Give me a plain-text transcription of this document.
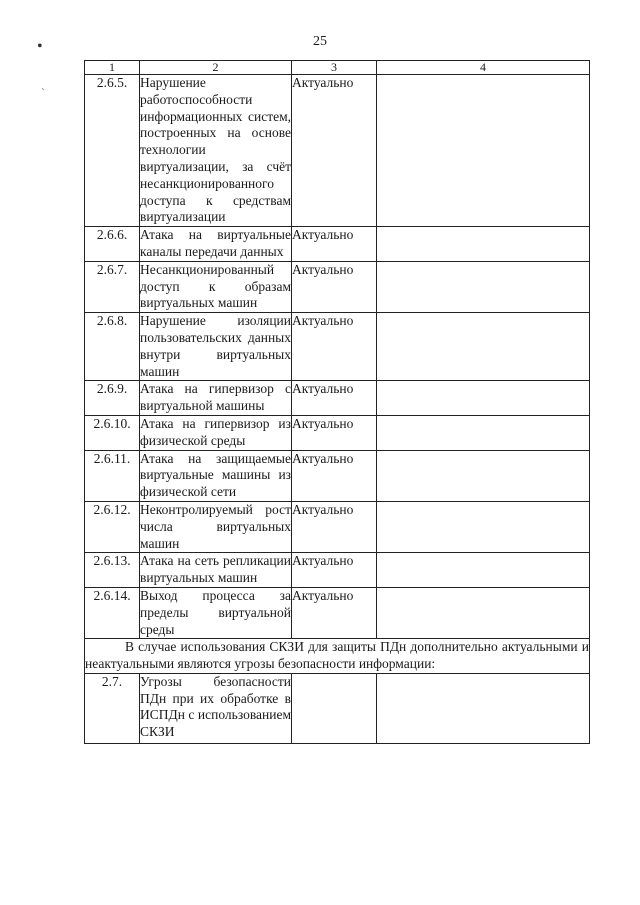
25
•
ˏ
1	2	3	4
2.6.5.	Нарушение работоспособности информационных систем, построенных на основе технологии виртуализации, за счёт несанкционированного доступа к средствам виртуализации	Актуально	
2.6.6.	Атака на виртуальные каналы передачи данных	Актуально	
2.6.7.	Несанкционированный доступ к образам виртуальных машин	Актуально	
2.6.8.	Нарушение изоляции пользовательских данных внутри виртуальных машин	Актуально	
2.6.9.	Атака на гипервизор с виртуальной машины	Актуально	
2.6.10.	Атака на гипервизор из физической среды	Актуально	
2.6.11.	Атака на защищаемые виртуальные машины из физической сети	Актуально	
2.6.12.	Неконтролируемый рост числа виртуальных машин	Актуально	
2.6.13.	Атака на сеть репликации виртуальных машин	Актуально	
2.6.14.	Выход процесса за пределы виртуальной среды	Актуально	
В случае использования СКЗИ для защиты ПДн дополнительно актуальными и неактуальными являются угрозы безопасности информации:			
2.7.	Угрозы безопасности ПДн при их обработке в ИСПДн с использованием СКЗИ		
